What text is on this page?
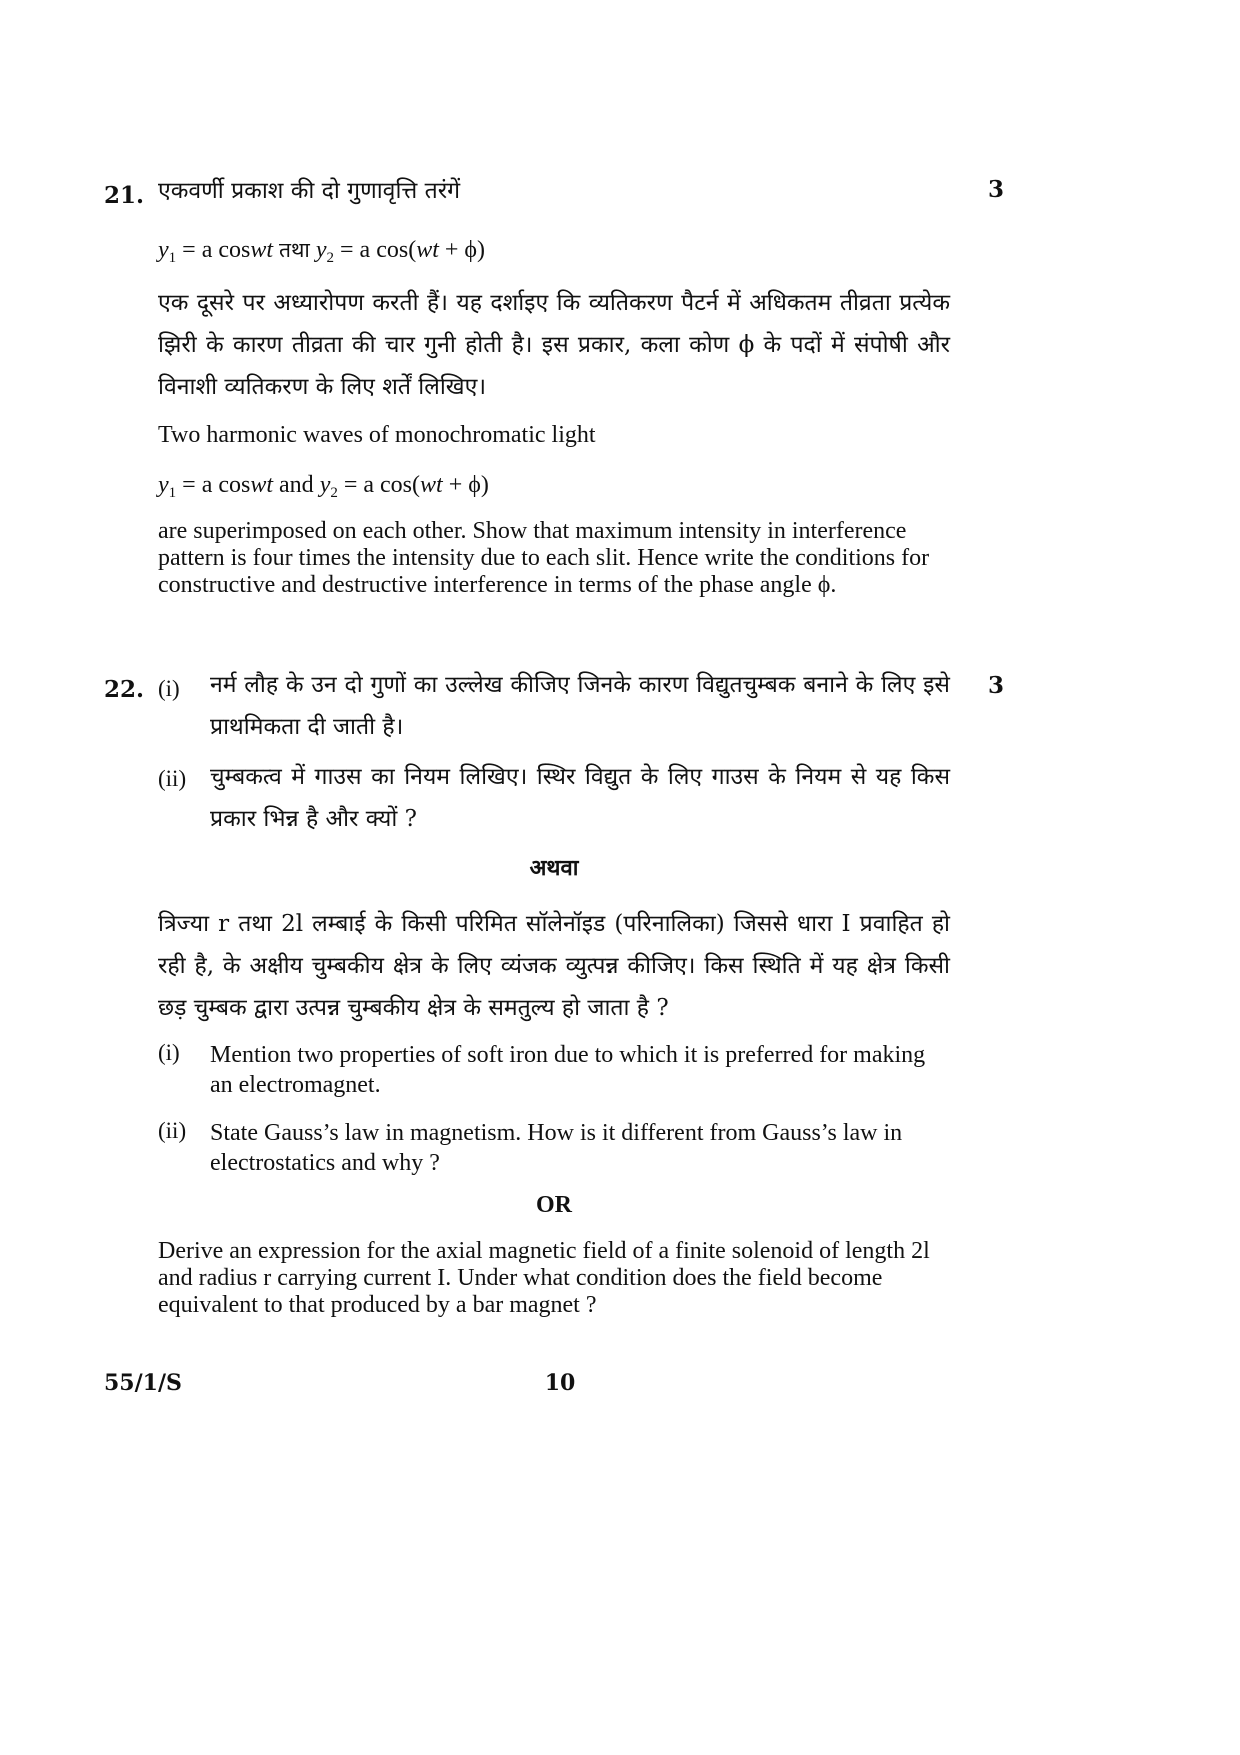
21.	3
एकवर्णी प्रकाश की दो गुणावृत्ति तरंगें
$y_1 = a$ coswt तथा $y_2 = a$ cos(wt + ϕ)
एक दूसरे पर अध्यारोपण करती हैं। यह दर्शाइए कि व्यतिकरण पैटर्न में अधिकतम तीव्रता प्रत्येक झिरी के कारण तीव्रता की चार गुनी होती है। इस प्रकार, कला कोण ϕ के पदों में संपोषी और विनाशी व्यतिकरण के लिए शर्तें लिखिए।
Two harmonic waves of monochromatic light
$y_1 = a$ coswt and $y_2 = a$ cos(wt + ϕ)
are superimposed on each other. Show that maximum intensity in interference pattern is four times the intensity due to each slit. Hence write the conditions for constructive and destructive interference in terms of the phase angle ϕ.
22.	3
(i) नर्म लौह के उन दो गुणों का उल्लेख कीजिए जिनके कारण विद्युतचुम्बक बनाने के लिए इसे प्राथमिकता दी जाती है।
(ii) चुम्बकत्व में गाउस का नियम लिखिए। स्थिर विद्युत के लिए गाउस के नियम से यह किस प्रकार भिन्न है और क्यों ?
अथवा
त्रिज्या r तथा 2l लम्बाई के किसी परिमित सॉलेनॉइड (परिनालिका) जिससे धारा I प्रवाहित हो रही है, के अक्षीय चुम्बकीय क्षेत्र के लिए व्यंजक व्युत्पन्न कीजिए। किस स्थिति में यह क्षेत्र किसी छड़ चुम्बक द्वारा उत्पन्न चुम्बकीय क्षेत्र के समतुल्य हो जाता है ?
(i) Mention two properties of soft iron due to which it is preferred for making an electromagnet.
(ii) State Gauss’s law in magnetism. How is it different from Gauss’s law in electrostatics and why ?
OR
Derive an expression for the axial magnetic field of a finite solenoid of length 2l and radius r carrying current I. Under what condition does the field become equivalent to that produced by a bar magnet ?
55/1/S	10
